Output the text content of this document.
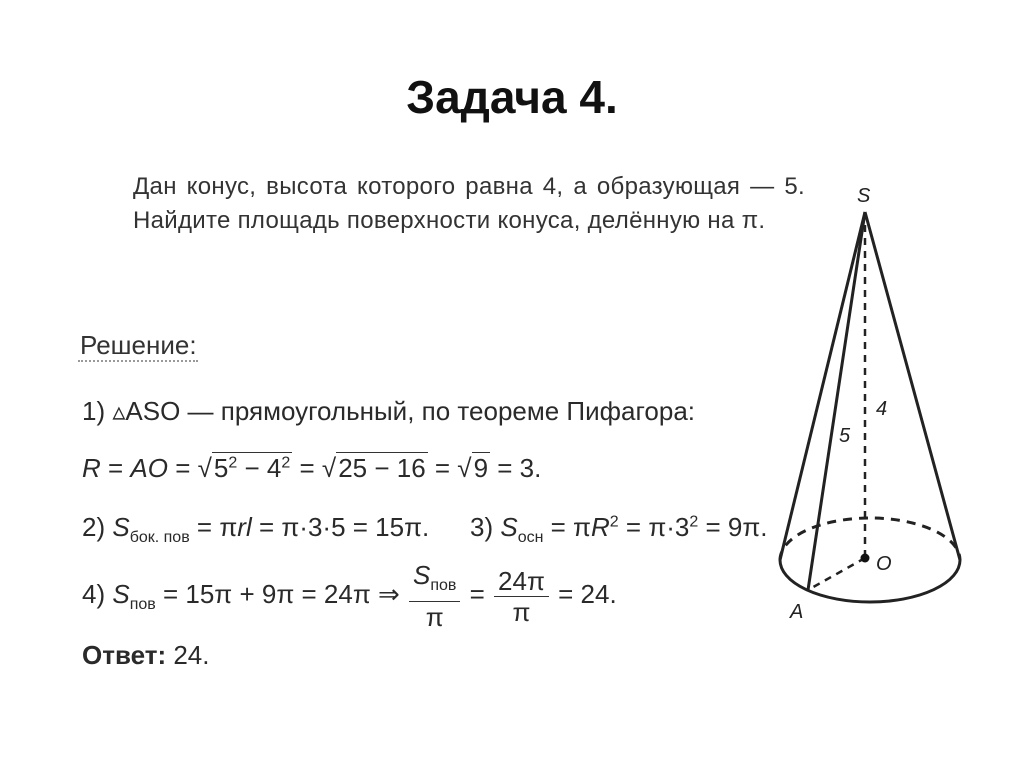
Задача 4.
Дан конус, высота которого равна 4, а образующая — 5. Найдите площадь поверхности конуса, делённую на π.
Решение:
1) ▵ASO — прямоугольный, по теореме Пифагора:
R = AO = $√5^2 - 4^2 = √25 - 16 = √9 = 3$.
2) $S_{бок. пов} = \pi rl = \pi\cdot 3\cdot 5 = 15\pi$. 3) $S_{осн} = \pi R^2 = \pi\cdot 3^2 = 9\pi$.
4) $S_{пов} = 15\pi + 9\pi = 24\pi$ ⇒ $\frac{S_{пов}}{\pi} = \frac{24\pi}{\pi} = 24$.
Ответ: 24.
S
O
A
4
5
